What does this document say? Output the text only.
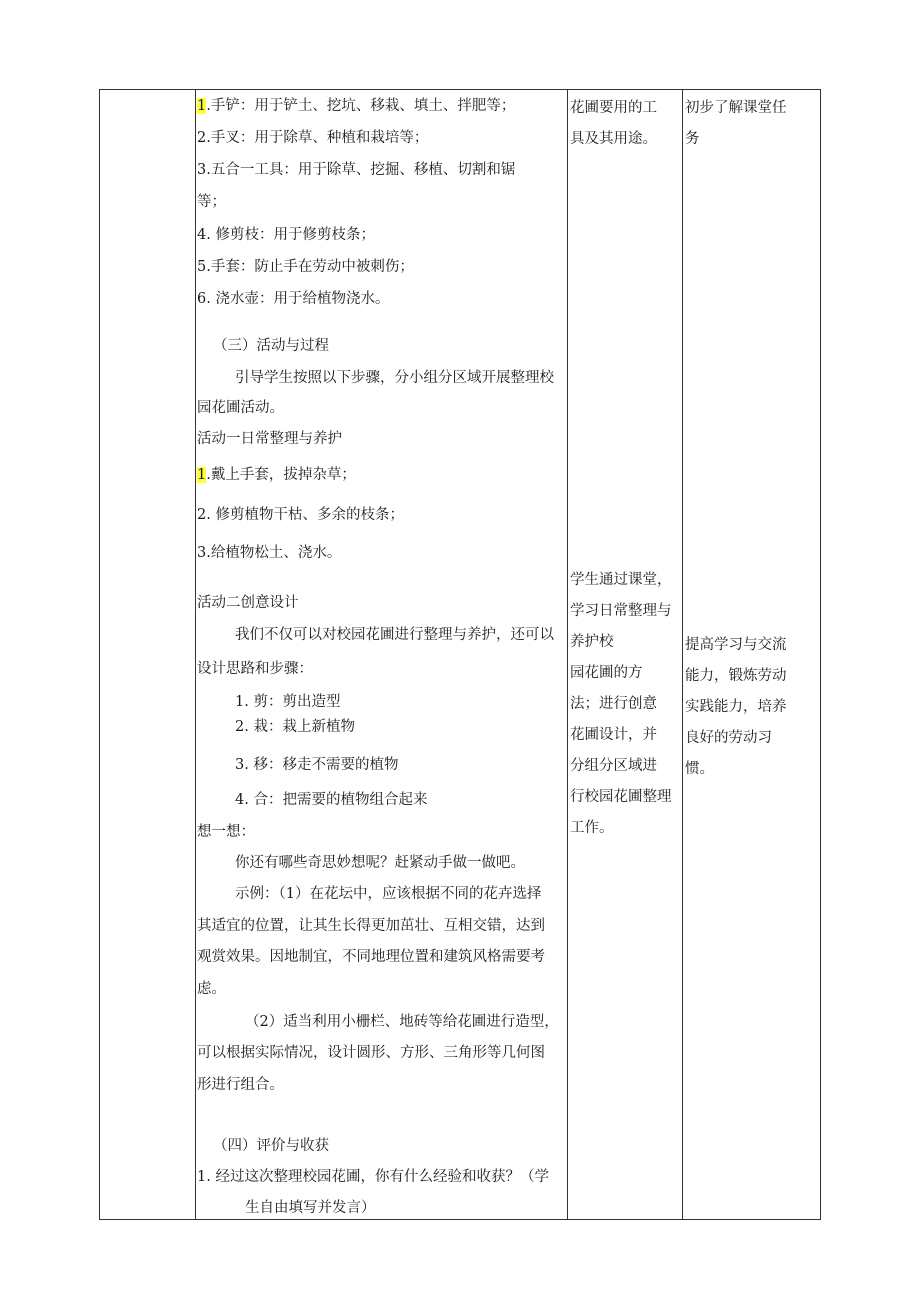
1.手铲：用于铲土、挖坑、移栽、填土、拌肥等；
2.手叉：用于除草、种植和栽培等；
3.五合一工具：用于除草、挖掘、移植、切割和锯
等；
4. 修剪枝：用于修剪枝条；
5.手套：防止手在劳动中被刺伤；
6. 浇水壶：用于给植物浇水。
（三）活动与过程
引导学生按照以下步骤，分小组分区域开展整理校
园花圃活动。
活动一日常整理与养护
1.戴上手套，拔掉杂草；
2. 修剪植物干枯、多余的枝条；
3.给植物松土、浇水。
活动二创意设计
我们不仅可以对校园花圃进行整理与养护，还可以
设计思路和步骤：
1. 剪：剪出造型
2. 栽：栽上新植物
3. 移：移走不需要的植物
4. 合：把需要的植物组合起来
想一想：
你还有哪些奇思妙想呢？赶紧动手做一做吧。
示例：（1）在花坛中，应该根据不同的花卉选择
其适宜的位置，让其生长得更加茁壮、互相交错，达到
观赏效果。因地制宜，不同地理位置和建筑风格需要考
虑。
（2）适当利用小栅栏、地砖等给花圃进行造型，
可以根据实际情况，设计圆形、方形、三角形等几何图
形进行组合。
（四）评价与收获
1. 经过这次整理校园花圃，你有什么经验和收获？（学
生自由填写并发言）
花圃要用的工
具及其用途。
学生通过课堂，
学习日常整理与
养护校
园花圃的方
法；进行创意
花圃设计，并
分组分区域进
行校园花圃整理
工作。
初步了解课堂任
务
提高学习与交流
能力，锻炼劳动
实践能力，培养
良好的劳动习
惯。
